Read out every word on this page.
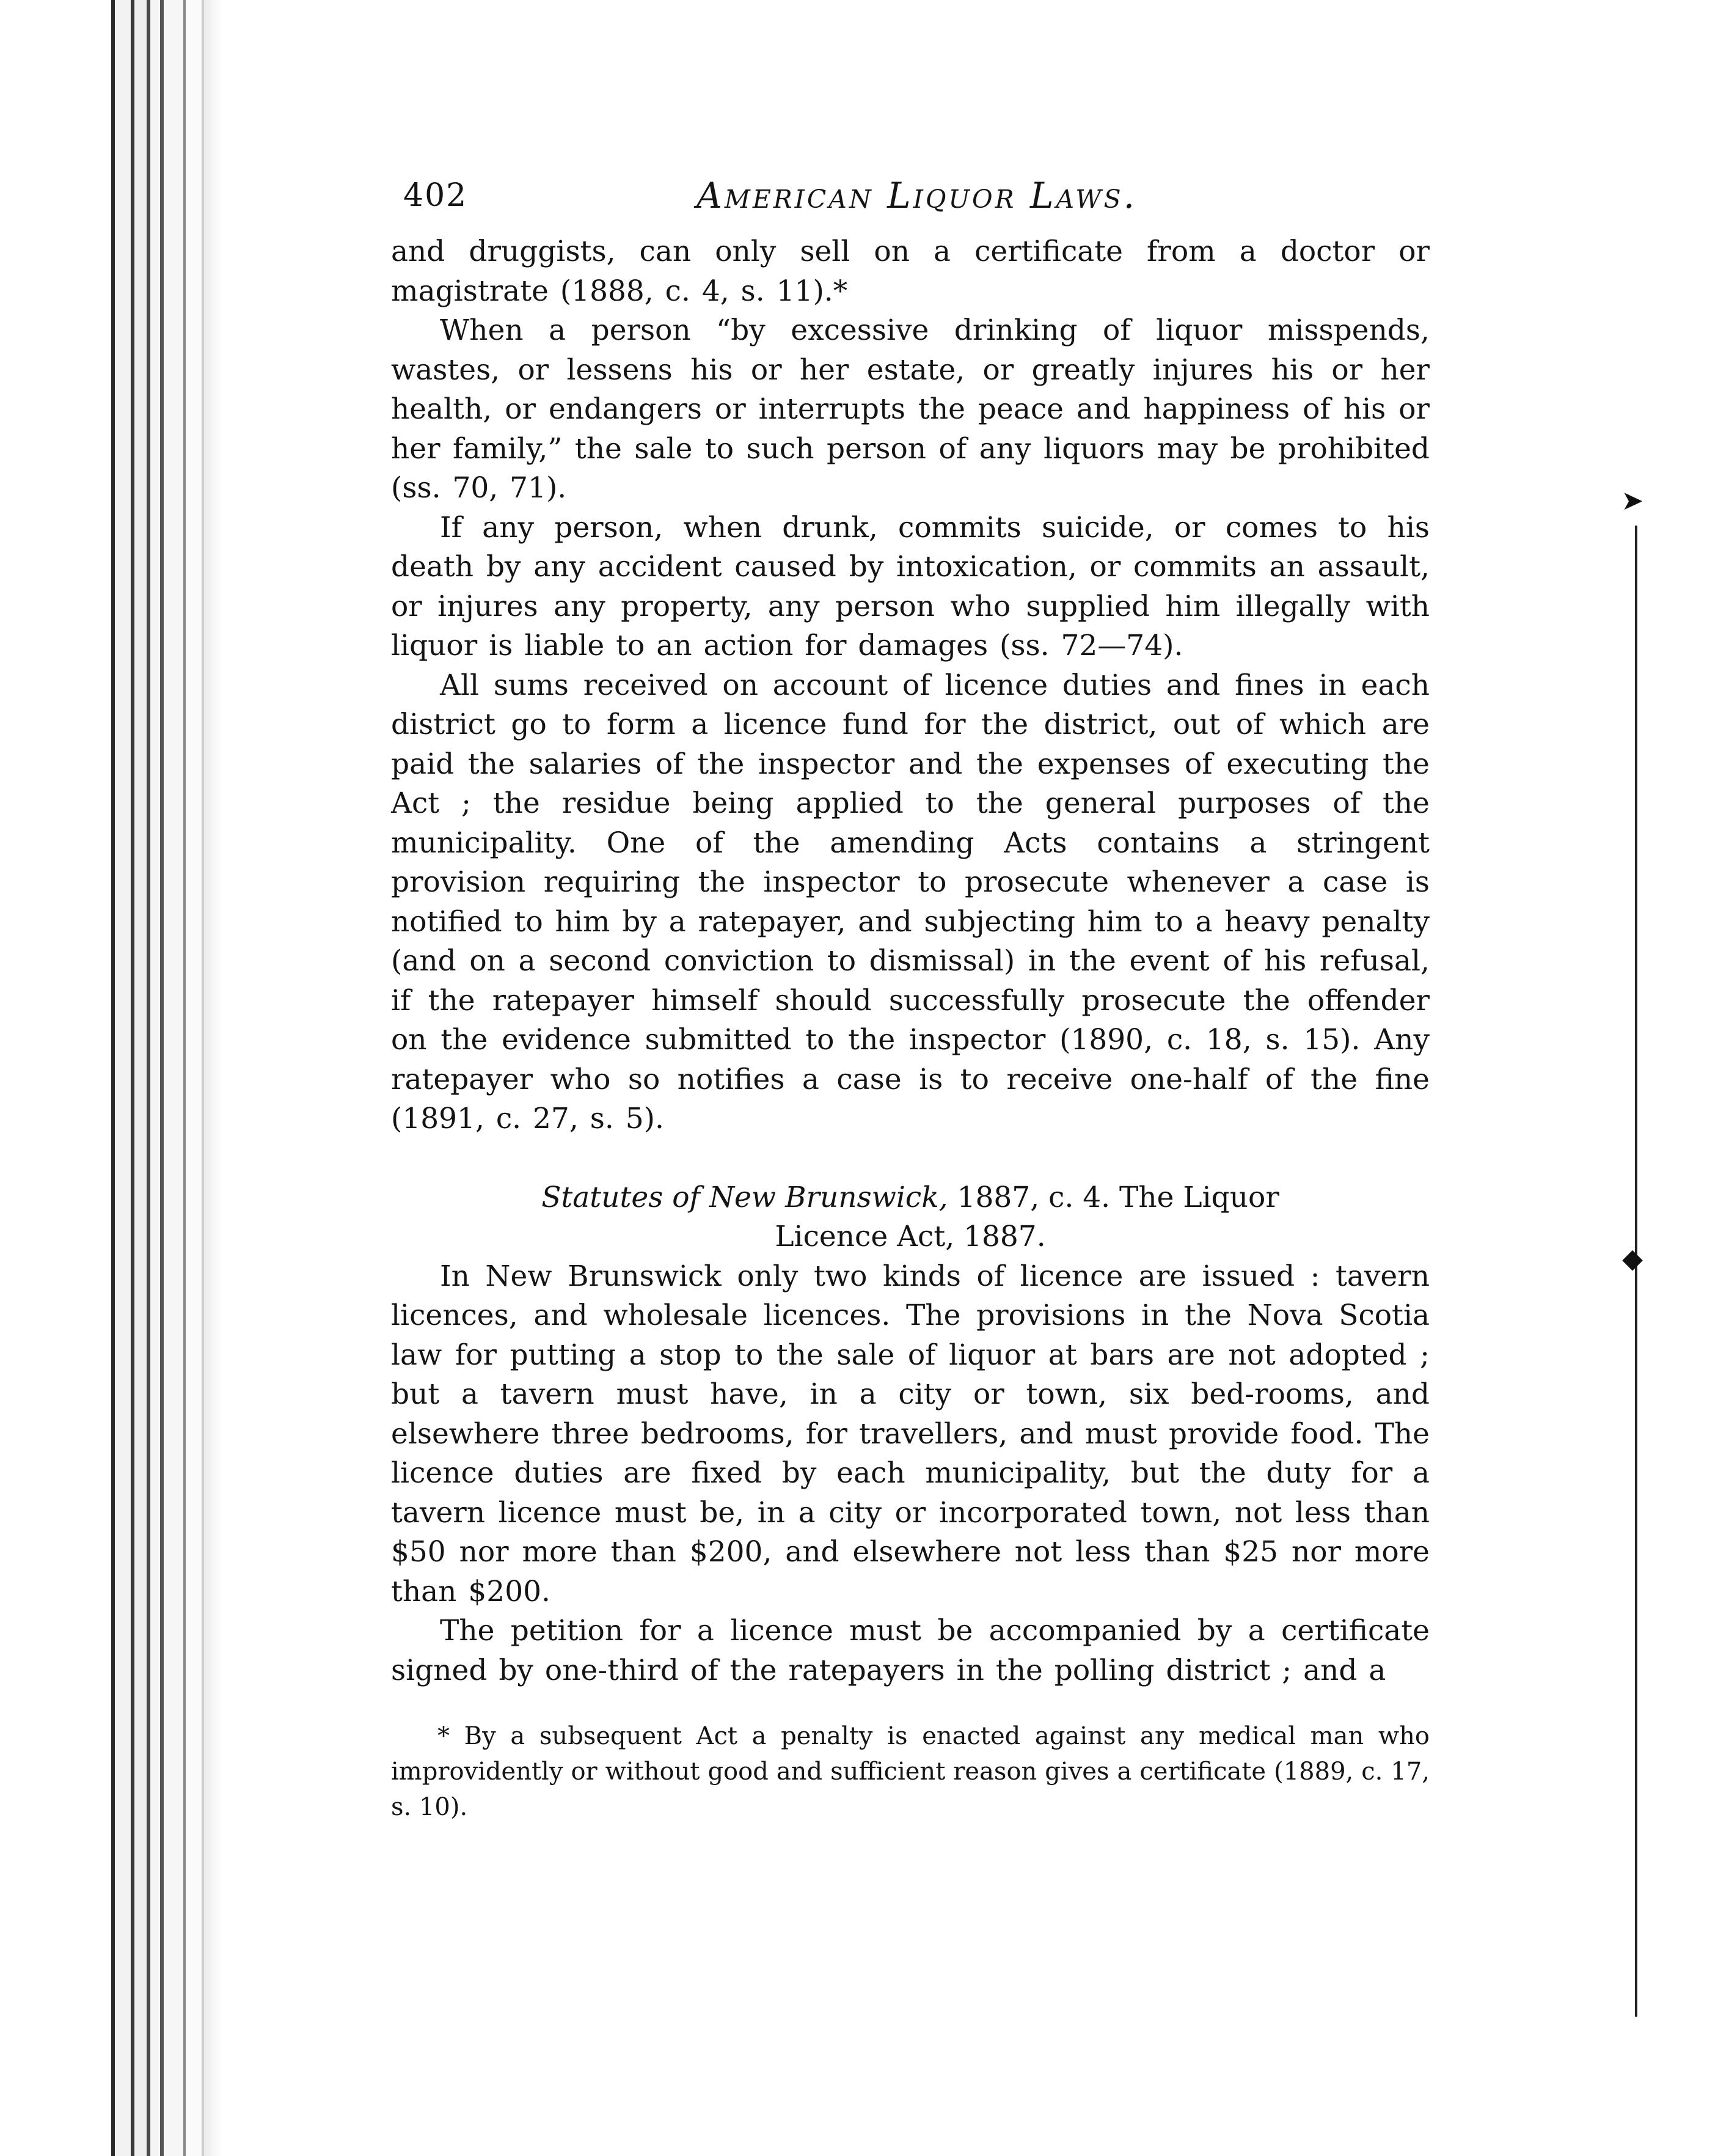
➤
◆
402	American Liquor Laws.

and druggists, can only sell on a certificate from a doctor or magistrate (1888, c. 4, s. 11).*

When a person “by excessive drinking of liquor misspends, wastes, or lessens his or her estate, or greatly injures his or her health, or endangers or interrupts the peace and happiness of his or her family,” the sale to such person of any liquors may be prohibited (ss. 70, 71).

If any person, when drunk, commits suicide, or comes to his death by any accident caused by intoxication, or commits an assault, or injures any property, any person who supplied him illegally with liquor is liable to an action for damages (ss. 72—74).

All sums received on account of licence duties and fines in each district go to form a licence fund for the district, out of which are paid the salaries of the inspector and the expenses of executing the Act ; the residue being applied to the general purposes of the municipality. One of the amending Acts contains a stringent provision requiring the inspector to prosecute whenever a case is notified to him by a ratepayer, and subjecting him to a heavy penalty (and on a second conviction to dismissal) in the event of his refusal, if the ratepayer himself should successfully prosecute the offender on the evidence submitted to the inspector (1890, c. 18, s. 15). Any ratepayer who so notifies a case is to receive one-half of the fine (1891, c. 27, s. 5).

Statutes of New Brunswick, 1887, c. 4. The Liquor
Licence Act, 1887.

In New Brunswick only two kinds of licence are issued : tavern licences, and wholesale licences. The provisions in the Nova Scotia law for putting a stop to the sale of liquor at bars are not adopted ; but a tavern must have, in a city or town, six bed-rooms, and elsewhere three bedrooms, for travellers, and must provide food. The licence duties are fixed by each municipality, but the duty for a tavern licence must be, in a city or incorporated town, not less than $50 nor more than $200, and elsewhere not less than $25 nor more than $200.

The petition for a licence must be accompanied by a certificate signed by one-third of the ratepayers in the polling district ; and a

* By a subsequent Act a penalty is enacted against any medical man who improvidently or without good and sufficient reason gives a certificate (1889, c. 17, s. 10).
